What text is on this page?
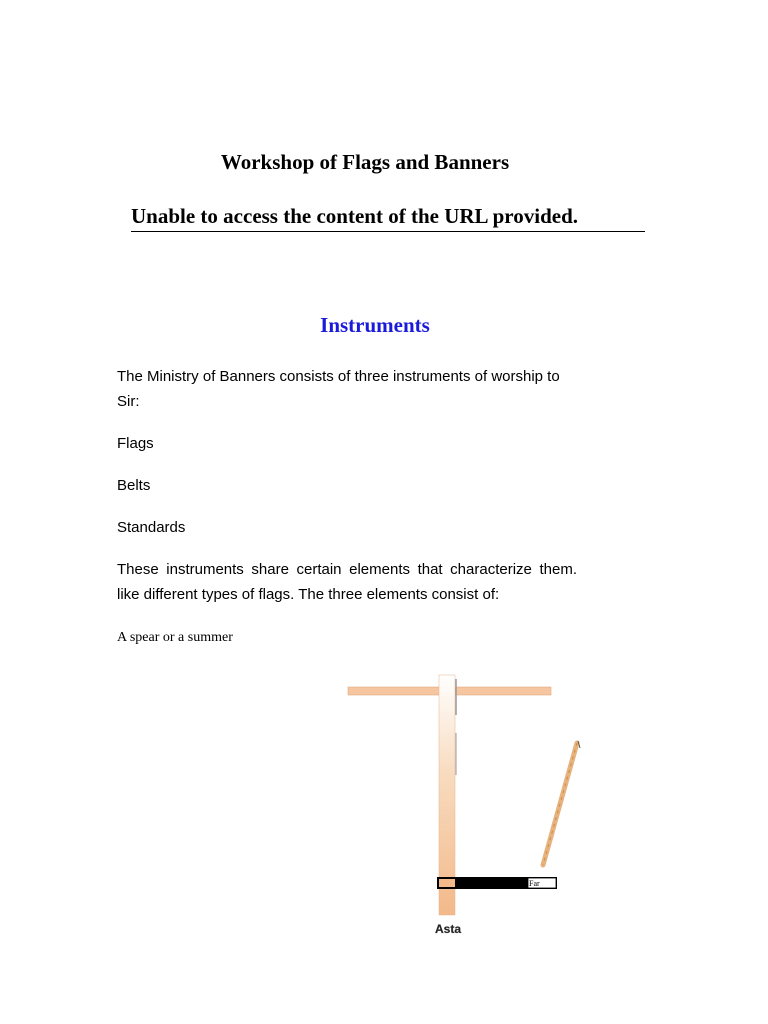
Workshop of Flags and Banners
Unable to access the content of the URL provided.
Instruments

The Ministry of Banners consists of three instruments of worship to Sir:

Flags

Belts

Standards

These instruments share certain elements that characterize them. like different types of flags. The three elements consist of:

A spear or a summer

Far
Asta
